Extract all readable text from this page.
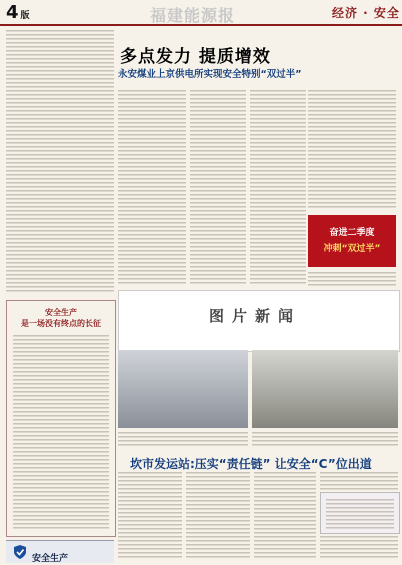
4 版	福建能源报	经济 · 安全
多点发力 提质增效
永安煤业上京供电所实现安全特别“双过半”
奋进二季度
冲刺“双过半”
安全生产
是一场没有终点的长征
安全生产
图片新闻
坎市发运站:压实“责任链” 让安全“C”位出道
